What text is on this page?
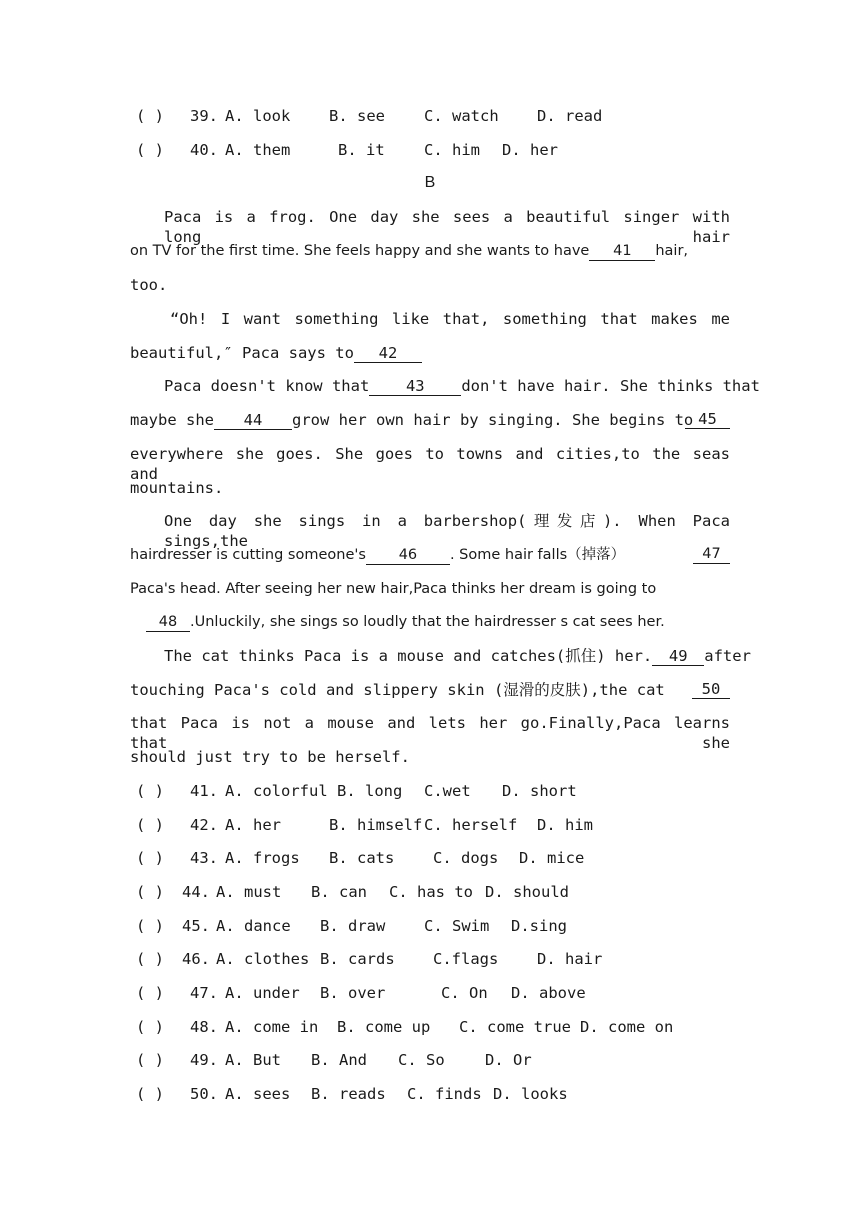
( ) 39. A. look B. see	C. watch D. read
( ) 40. A. them	B. it	C. him D. her
B
Paca is a frog. One day she sees a beautiful singer with long hair
on TV for the first time. She feels happy and she wants to have 41 hair,
too.
“Oh! I want something like that, something that makes me
beautiful,″ Paca says to 42
Paca doesn't know that 43 don't have hair. She thinks that
maybe she 44 grow her own hair by singing. She begins to 45
everywhere she goes. She goes to towns and cities,to the seas and
mountains.
One day she sings in a barbershop(理发店). When Paca sings,the
hairdresser is cutting someone's 46 . Some hair falls（掉落）	47
Paca's head. After seeing her new hair,Paca thinks her dream is going to
48 .Unluckily, she sings so loudly that the hairdresser s cat sees her.
The cat thinks Paca is a mouse and catches(抓住) her. 49 after
touching Paca's cold and slippery skin (湿滑的皮肤),the cat	50
that Paca is not a mouse and lets her go.Finally,Paca learns that she
should just try to be herself.
( ) 41. A. colorful B. long C.wet D. short
( ) 42. A. her	B. himself C. herself D. him
( ) 43. A. frogs B. cats C. dogs D. mice
( ) 44. A. must B. can C. has to D. should
( ) 45. A. dance B. draw C. Swim D.sing
( ) 46. A. clothes B. cards C.flags D. hair
( ) 47. A. under B. over	C. On D. above
( ) 48. A. come in B. come up C. come true D. come on
( ) 49. A. But B. And C. So	D. Or
( ) 50. A. sees B. reads C. finds D. looks
